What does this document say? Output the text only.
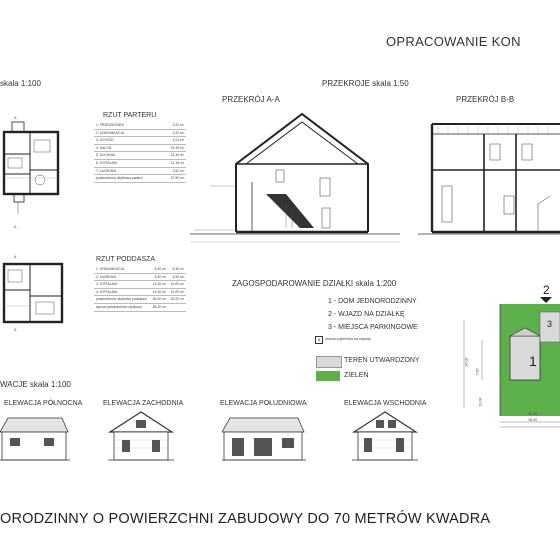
OPRACOWANIE KON
skala 1:100
A
A
RZUT PARTERU
1. PRZEDSIONEK	3,22 m²
2. KOMUNIKACJA	3,22 m²
3. SCHODY	4,01 m²
4. SALON	19,15 m²
5. KUCHNIA	13,19 m²
6. SYPIALNIA	11,18 m²
7. ŁAZIENKA	3,62 m²
powierzchnia użytkowa parteru	57,50 m²
A
A
RZUT PODDASZA
1. KOMUNIKACJA	5,30 m²	5,30 m²
2. ŁAZIENKA	5,30 m²	4,90 m²
3. SYPIALNIA	14,30 m²	10,00 m²
4. SYPIALNIA	14,30 m²	10,00 m²
powierzchnia użytkowa poddasza	36,40 m²	30,20 m²
łączna powierzchnia użytkowa	88,20 m²	
PRZEKROJE skala 1:50
PRZEKRÓJ A-A	PRZEKRÓJ B-B
ZAGOSPODAROWANIE DZIAŁKI skala 1:200
1 - DOM JEDNORODZINNY
2 - WJAZD NA DZIAŁKĘ
3 - MIEJSCA PARKINGOWE
6	osłona pojemnika na odpady
TEREN UTWARDZONY
ZIELEŃ
2
1
3
30,00
7,00
13,00
12,00
18,00
WACJE skala 1:100
ELEWACJA PÓŁNOCNA	ELEWACJA ZACHODNIA	ELEWACJA POŁUDNIOWA	ELEWACJA WSCHODNIA
ORODZINNY O POWIERZCHNI ZABUDOWY DO 70 METRÓW KWADRA
